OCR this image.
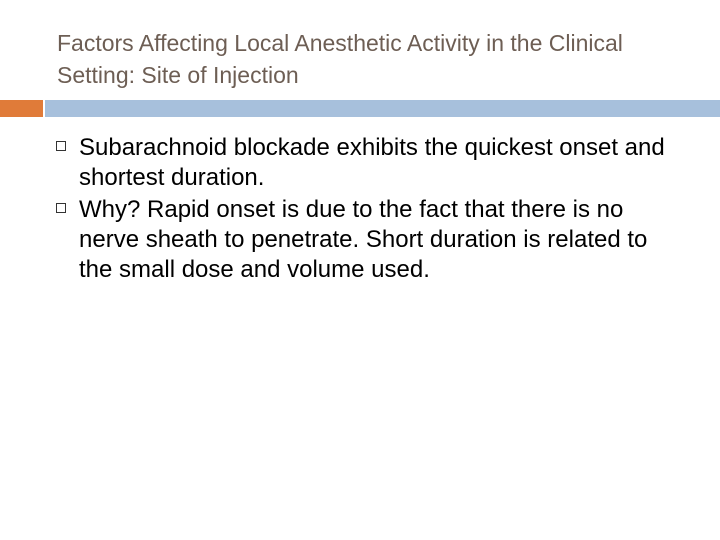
Factors Affecting Local Anesthetic Activity in the Clinical Setting: Site of Injection
Subarachnoid blockade exhibits the quickest onset and shortest duration.
Why? Rapid onset is due to the fact that there is no nerve sheath to penetrate. Short duration is related to the small dose and volume used.
